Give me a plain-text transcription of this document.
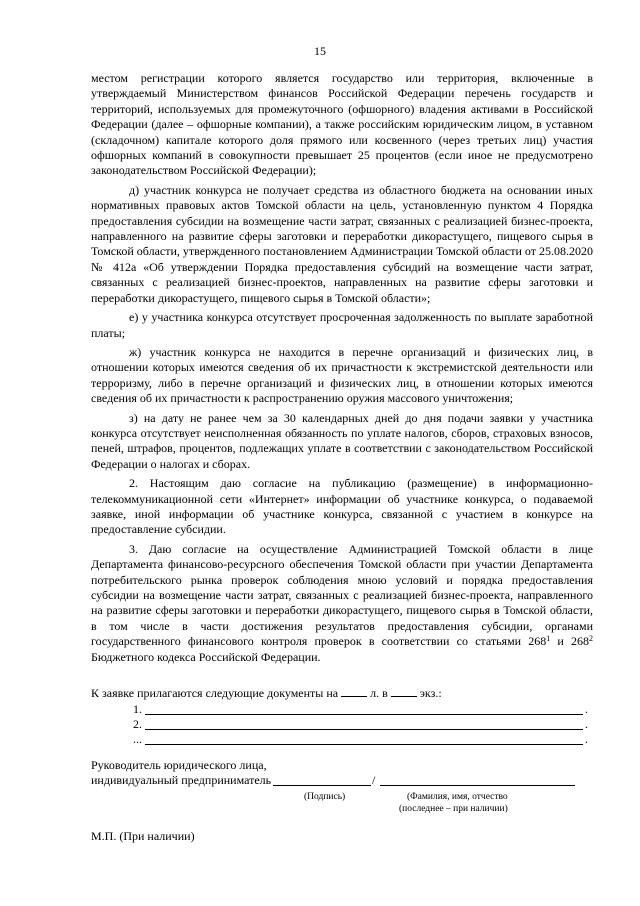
15

местом регистрации которого является государство или территория, включенные в утверждаемый Министерством финансов Российской Федерации перечень государств и территорий, используемых для промежуточного (офшорного) владения активами в Российской Федерации (далее – офшорные компании), а также российским юридическим лицом, в уставном (складочном) капитале которого доля прямого или косвенного (через третьих лиц) участия офшорных компаний в совокупности превышает 25 процентов (если иное не предусмотрено законодательством Российской Федерации);

д) участник конкурса не получает средства из областного бюджета на основании иных нормативных правовых актов Томской области на цель, установленную пунктом 4 Порядка предоставления субсидии на возмещение части затрат, связанных с реализацией бизнес-проекта, направленного на развитие сферы заготовки и переработки дикорастущего, пищевого сырья в Томской области, утвержденного постановлением Администрации Томской области от 25.08.2020 № 412а «Об утверждении Порядка предоставления субсидий на возмещение части затрат, связанных с реализацией бизнес-проектов, направленных на развитие сферы заготовки и переработки дикорастущего, пищевого сырья в Томской области»;

е) у участника конкурса отсутствует просроченная задолженность по выплате заработной платы;

ж) участник конкурса не находится в перечне организаций и физических лиц, в отношении которых имеются сведения об их причастности к экстремистской деятельности или терроризму, либо в перечне организаций и физических лиц, в отношении которых имеются сведения об их причастности к распространению оружия массового уничтожения;

з) на дату не ранее чем за 30 календарных дней до дня подачи заявки у участника конкурса отсутствует неисполненная обязанность по уплате налогов, сборов, страховых взносов, пеней, штрафов, процентов, подлежащих уплате в соответствии с законодательством Российской Федерации о налогах и сборах.

2. Настоящим даю согласие на публикацию (размещение) в информационно-телекоммуникационной сети «Интернет» информации об участнике конкурса, о подаваемой заявке, иной информации об участнике конкурса, связанной с участием в конкурсе на предоставление субсидии.

3. Даю согласие на осуществление Администрацией Томской области в лице Департамента финансово-ресурсного обеспечения Томской области при участии Департамента потребительского рынка проверок соблюдения мною условий и порядка предоставления субсидии на возмещение части затрат, связанных с реализацией бизнес-проекта, направленного на развитие сферы заготовки и переработки дикорастущего, пищевого сырья в Томской области, в том числе в части достижения результатов предоставления субсидии, органами государственного финансового контроля проверок в соответствии со статьями $268^1$ и $268^2$ Бюджетного кодекса Российской Федерации.

К заявке прилагаются следующие документы на  л. в  экз.:
1.	.
2.	.
...	.
Руководитель юридического лица,
индивидуальный предприниматель	/
(Подпись)	(Фамилия, имя, отчество
(последнее – при наличии)
М.П. (При наличии)
